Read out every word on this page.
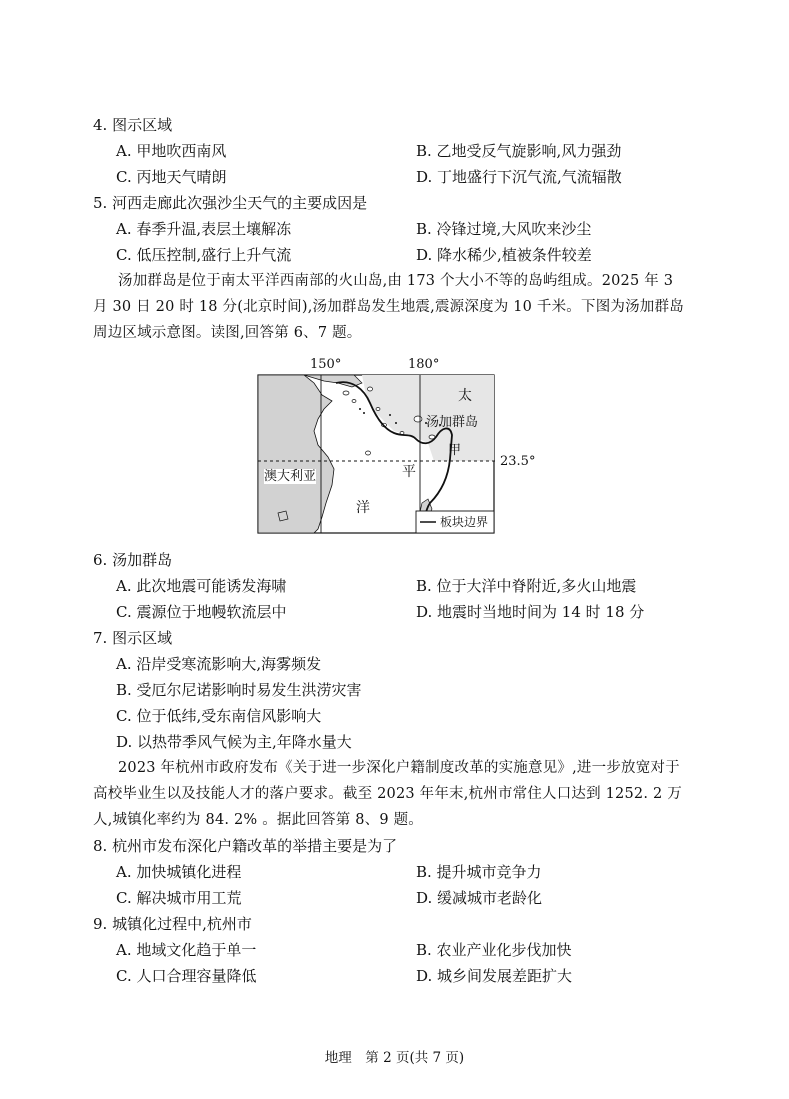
4. 图示区域
A. 甲地吹西南风	B. 乙地受反气旋影响,风力强劲
C. 丙地天气晴朗	D. 丁地盛行下沉气流,气流辐散
5. 河西走廊此次强沙尘天气的主要成因是
A. 春季升温,表层土壤解冻	B. 冷锋过境,大风吹来沙尘
C. 低压控制,盛行上升气流	D. 降水稀少,植被条件较差
汤加群岛是位于南太平洋西南部的火山岛,由 173 个大小不等的岛屿组成。2025 年 3
月 30 日 20 时 18 分(北京时间),汤加群岛发生地震,震源深度为 10 千米。下图为汤加群岛
周边区域示意图。读图,回答第 6、7 题。
150°	180°
23.5°
太
汤加群岛
甲
平
洋
澳大利亚
板块边界
6. 汤加群岛
A. 此次地震可能诱发海啸	B. 位于大洋中脊附近,多火山地震
C. 震源位于地幔软流层中	D. 地震时当地时间为 14 时 18 分
7. 图示区域
A. 沿岸受寒流影响大,海雾频发
B. 受厄尔尼诺影响时易发生洪涝灾害
C. 位于低纬,受东南信风影响大
D. 以热带季风气候为主,年降水量大
2023 年杭州市政府发布《关于进一步深化户籍制度改革的实施意见》,进一步放宽对于
高校毕业生以及技能人才的落户要求。截至 2023 年年末,杭州市常住人口达到 1252. 2 万
人,城镇化率约为 84. 2% 。据此回答第 8、9 题。
8. 杭州市发布深化户籍改革的举措主要是为了
A. 加快城镇化进程	B. 提升城市竞争力
C. 解决城市用工荒	D. 缓减城市老龄化
9. 城镇化过程中,杭州市
A. 地域文化趋于单一	B. 农业产业化步伐加快
C. 人口合理容量降低	D. 城乡间发展差距扩大
地理　第 2 页(共 7 页)
